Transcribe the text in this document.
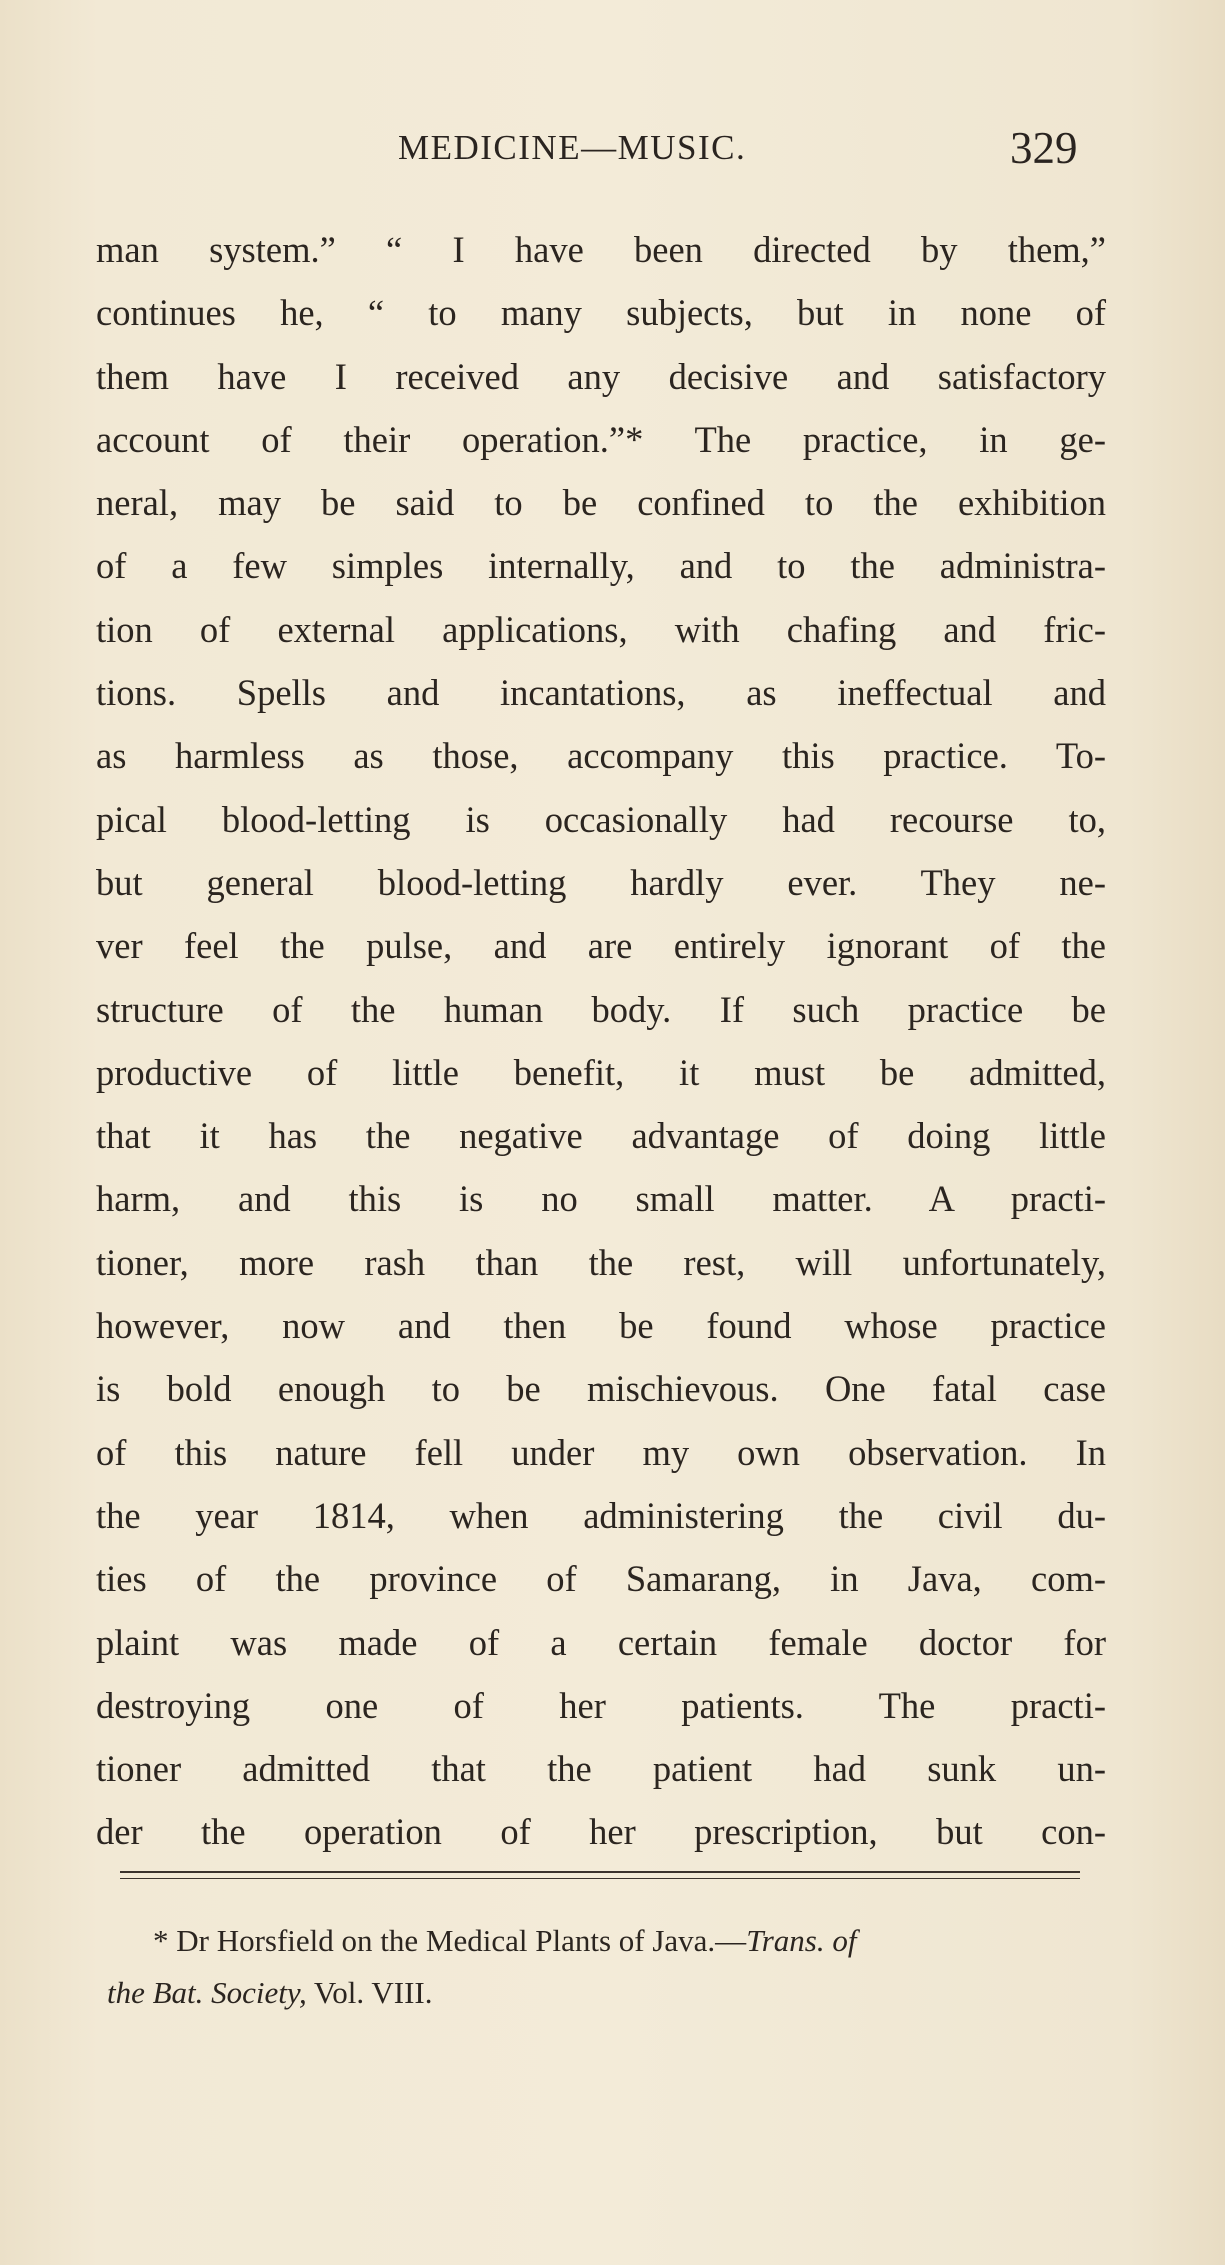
MEDICINE—MUSIC.	329
man system.” “ I have been directed by them,”
continues he, “ to many subjects, but in none of
them have I received any decisive and satisfactory
account of their operation.”* The practice, in ge-
neral, may be said to be confined to the exhibition
of a few simples internally, and to the administra-
tion of external applications, with chafing and fric-
tions. Spells and incantations, as ineffectual and
as harmless as those, accompany this practice. To-
pical blood-letting is occasionally had recourse to,
but general blood-letting hardly ever. They ne-
ver feel the pulse, and are entirely ignorant of the
structure of the human body. If such practice be
productive of little benefit, it must be admitted,
that it has the negative advantage of doing little
harm, and this is no small matter. A practi-
tioner, more rash than the rest, will unfortunately,
however, now and then be found whose practice
is bold enough to be mischievous. One fatal case
of this nature fell under my own observation. In
the year 1814, when administering the civil du-
ties of the province of Samarang, in Java, com-
plaint was made of a certain female doctor for
destroying one of her patients. The practi-
tioner admitted that the patient had sunk un-
der the operation of her prescription, but con-
* Dr Horsfield on the Medical Plants of Java.—Trans. of
the Bat. Society, Vol. VIII.
